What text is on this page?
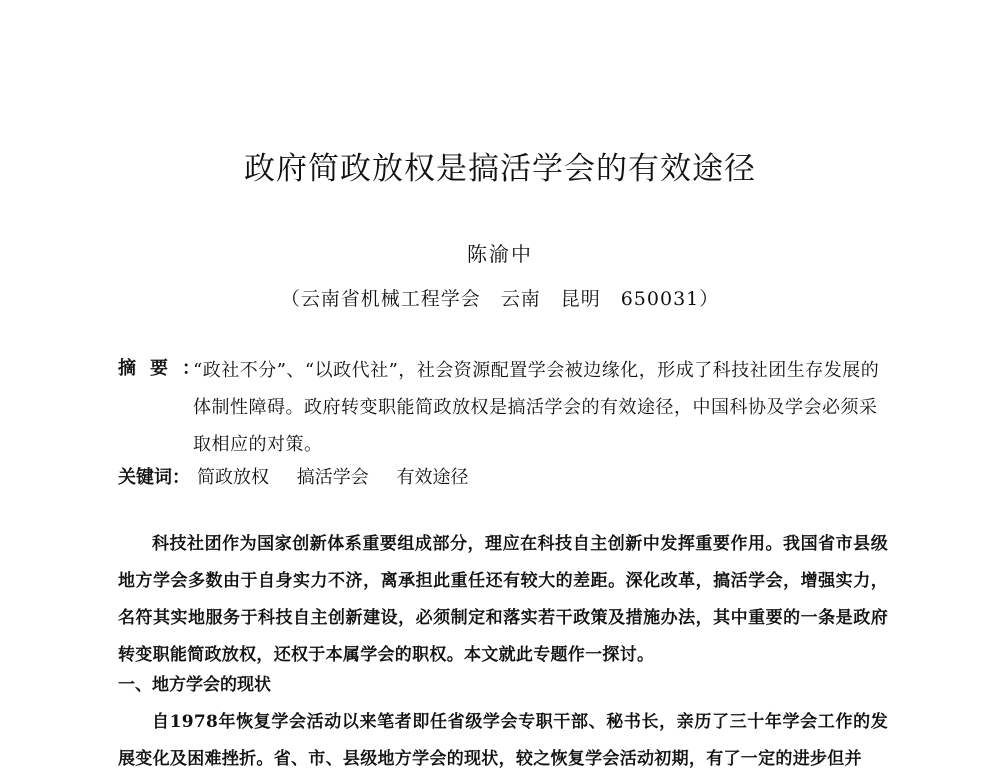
政府简政放权是搞活学会的有效途径
陈渝中
（云南省机械工程学会　云南　昆明　650031）
摘要：
“政社不分”、“以政代社”，社会资源配置学会被边缘化，形成了科技社团生存发展的体制性障碍。政府转变职能简政放权是搞活学会的有效途径，中国科协及学会必须采取相应的对策。
关键词： 简政放权 搞活学会 有效途径
科技社团作为国家创新体系重要组成部分，理应在科技自主创新中发挥重要作用。我国省市县级地方学会多数由于自身实力不济，离承担此重任还有较大的差距。深化改革，搞活学会，增强实力，名符其实地服务于科技自主创新建设，必须制定和落实若干政策及措施办法，其中重要的一条是政府转变职能简政放权，还权于本属学会的职权。本文就此专题作一探讨。
一、地方学会的现状
自1978年恢复学会活动以来笔者即任省级学会专职干部、秘书长，亲历了三十年学会工作的发展变化及困难挫折。省、市、县级地方学会的现状，较之恢复学会活动初期，有了一定的进步但并
